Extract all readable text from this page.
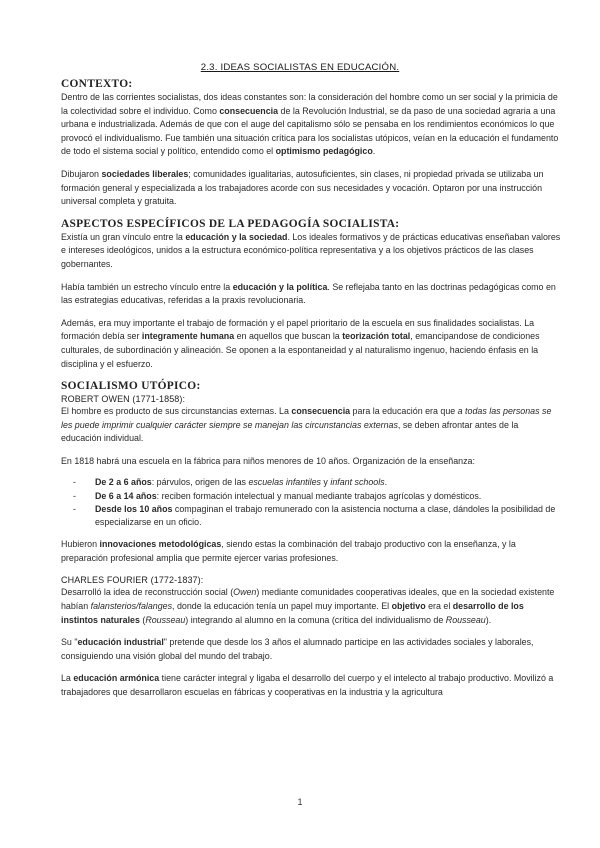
2.3. IDEAS SOCIALISTAS EN EDUCACIÓN.
CONTEXTO:

Dentro de las corrientes socialistas, dos ideas constantes son: la consideración del hombre como un ser social y la primicia de la colectividad sobre el individuo. Como consecuencia de la Revolución Industrial, se da paso de una sociedad agraria a una urbana e industrializada. Además de que con el auge del capitalismo sólo se pensaba en los rendimientos económicos lo que provocó el individualismo. Fue también una situación crítica para los socialistas utópicos, veían en la educación el fundamento de todo el sistema social y político, entendido como el optimismo pedagógico.

Dibujaron sociedades liberales; comunidades igualitarias, autosuficientes, sin clases, ni propiedad privada se utilizaba un formación general y especializada a los trabajadores acorde con sus necesidades y vocación. Optaron por una instrucción universal completa y gratuita.

ASPECTOS ESPECÍFICOS DE LA PEDAGOGÍA SOCIALISTA:

Existía un gran vínculo entre la educación y la sociedad. Los ideales formativos y de prácticas educativas enseñaban valores e intereses ideológicos, unidos a la estructura económico-política representativa y a los objetivos prácticos de las clases gobernantes.

Había también un estrecho vínculo entre la educación y la política. Se reflejaba tanto en las doctrinas pedagógicas como en las estrategias educativas, referidas a la praxis revolucionaria.

Además, era muy importante el trabajo de formación y el papel prioritario de la escuela en sus finalidades socialistas. La formación debía ser integramente humana en aquellos que buscan la teorización total, emancipandose de condiciones culturales, de subordinación y alineación. Se oponen a la espontaneidad y al naturalismo ingenuo, haciendo énfasis en la disciplina y el esfuerzo.

SOCIALISMO UTÓPICO:
ROBERT OWEN (1771-1858):

El hombre es producto de sus circunstancias externas. La consecuencia para la educación era que a todas las personas se les puede imprimir cualquier carácter siempre se manejan las circunstancias externas, se deben afrontar antes de la educación individual.

En 1818 habrá una escuela en la fábrica para niños menores de 10 años. Organización de la enseñanza:

- De 2 a 6 años: párvulos, origen de las escuelas infantiles y infant schools.
- De 6 a 14 años: reciben formación intelectual y manual mediante trabajos agrícolas y domésticos.
- Desde los 10 años compaginan el trabajo remunerado con la asistencia nocturna a clase, dándoles la posibilidad de especializarse en un oficio.

Hubieron innovaciones metodológicas, siendo estas la combinación del trabajo productivo con la enseñanza, y la preparación profesional amplia que permite ejercer varias profesiones.

CHARLES FOURIER (1772-1837):

Desarrolló la idea de reconstrucción social (Owen) mediante comunidades cooperativas ideales, que en la sociedad existente habían falansterios/falanges, donde la educación tenía un papel muy importante. El objetivo era el desarrollo de los instintos naturales (Rousseau) integrando al alumno en la comuna (crítica del individualismo de Rousseau).

Su "educación industrial" pretende que desde los 3 años el alumnado participe en las actividades sociales y laborales, consiguiendo una visión global del mundo del trabajo.

La educación armónica tiene carácter integral y ligaba el desarrollo del cuerpo y el intelecto al trabajo productivo. Movilizó a trabajadores que desarrollaron escuelas en fábricas y cooperativas en la industria y la agricultura

1
